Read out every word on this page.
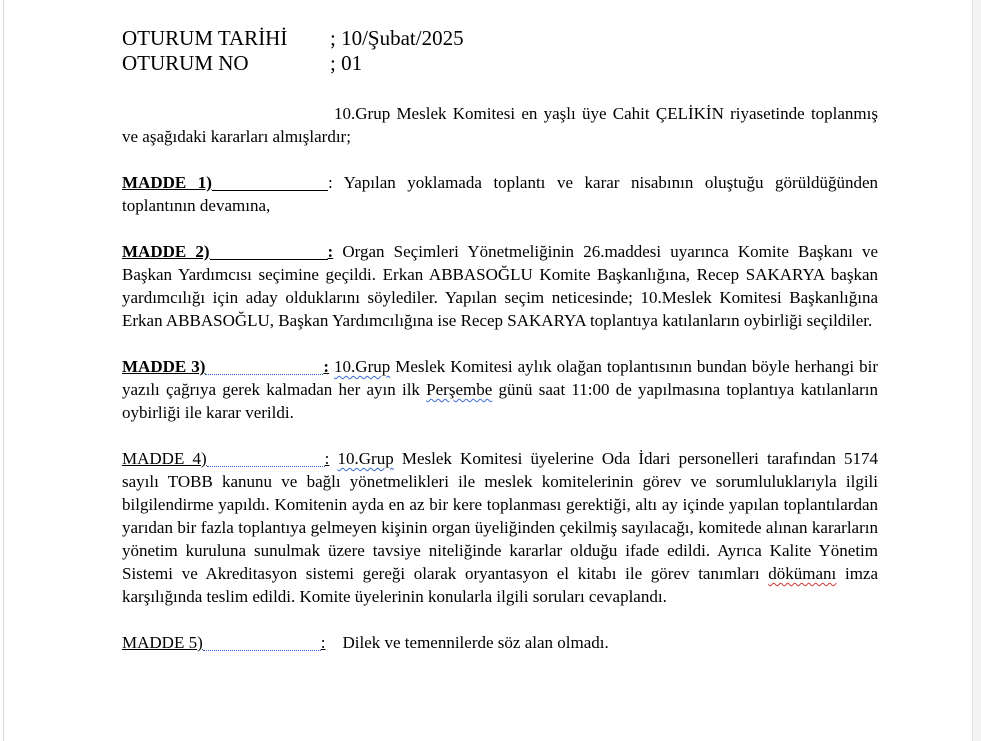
OTURUM TARİHİ ; 10/Şubat/2025
OTURUM NO	; 01

10.Grup Meslek Komitesi en yaşlı üye Cahit ÇELİKİN riyasetinde toplanmış ve aşağıdaki kararları almışlardır;

MADDE 1)	: Yapılan yoklamada toplantı ve karar nisabının oluştuğu görüldüğünden toplantının devamına,

MADDE 2)	: Organ Seçimleri Yönetmeliğinin 26.maddesi uyarınca Komite Başkanı ve Başkan Yardımcısı seçimine geçildi. Erkan ABBASOĞLU Komite Başkanlığına, Recep SAKARYA başkan yardımcılığı için aday olduklarını söylediler. Yapılan seçim neticesinde; 10.Meslek Komitesi Başkanlığına Erkan ABBASOĞLU, Başkan Yardımcılığına ise Recep SAKARYA toplantıya katılanların oybirliği seçildiler.

MADDE 3)	: 10.Grup Meslek Komitesi aylık olağan toplantısının bundan böyle herhangi bir yazılı çağrıya gerek kalmadan her ayın ilk Perşembe günü saat 11:00 de yapılmasına toplantıya katılanların oybirliği ile karar verildi.

MADDE 4)	: 10.Grup Meslek Komitesi üyelerine Oda İdari personelleri tarafından 5174 sayılı TOBB kanunu ve bağlı yönetmelikleri ile meslek komitelerinin görev ve sorumluluklarıyla ilgili bilgilendirme yapıldı. Komitenin ayda en az bir kere toplanması gerektiği, altı ay içinde yapılan toplantılardan yarıdan bir fazla toplantıya gelmeyen kişinin organ üyeliğinden çekilmiş sayılacağı, komitede alınan kararların yönetim kuruluna sunulmak üzere tavsiye niteliğinde kararlar olduğu ifade edildi. Ayrıca Kalite Yönetim Sistemi ve Akreditasyon sistemi gereği olarak oryantasyon el kitabı ile görev tanımları dökümanı imza karşılığında teslim edildi. Komite üyelerinin konularla ilgili soruları cevaplandı.

MADDE 5)	: Dilek ve temennilerde söz alan olmadı.
